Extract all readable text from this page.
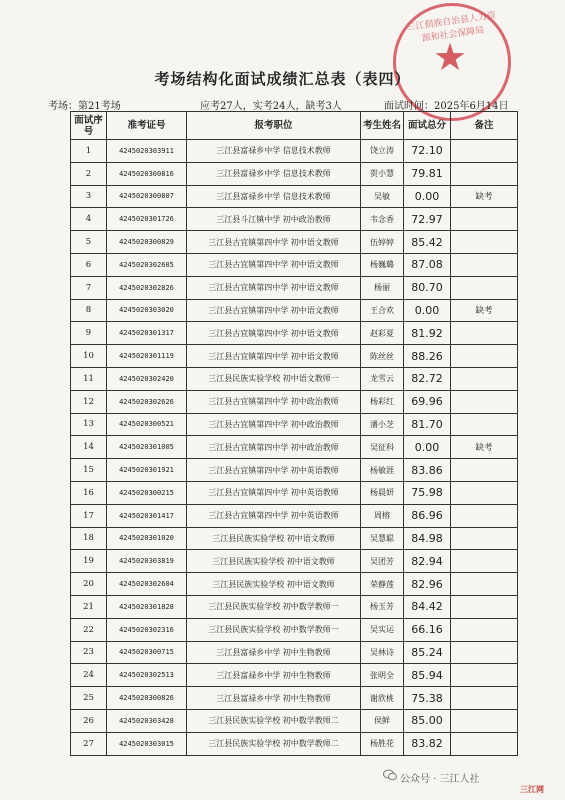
三江侗族自治县人力资源和社会保障局
★
考场结构化面试成绩汇总表（表四）
考场：第21考场	应考27人，实考24人，缺考3人	面试时间：2025年6月14日
面试序号	准考证号	报考职位	考生姓名	面试总分	备注
1	4245020303911	三江县富禄乡中学 信息技术教师	饶立涛	72.10	
2	4245020300816	三江县富禄乡中学 信息技术教师	贺小慧	79.81	
3	4245020300807	三江县富禄乡中学 信息技术教师	吴敏	0.00	缺考
4	4245020301726	三江县斗江镇中学 初中政治教师	韦念香	72.97	
5	4245020300829	三江县古宜镇第四中学 初中语文教师	伍婷婷	85.42	
6	4245020302605	三江县古宜镇第四中学 初中语文教师	杨巍璐	87.08	
7	4245020302826	三江县古宜镇第四中学 初中语文教师	杨丽	80.70	
8	4245020303020	三江县古宜镇第四中学 初中语文教师	王合欢	0.00	缺考
9	4245020301317	三江县古宜镇第四中学 初中语文教师	赵彩夏	81.92	
10	4245020301119	三江县古宜镇第四中学 初中语文教师	陈丝丝	88.26	
11	4245020302420	三江县民族实验学校 初中语文教师一	龙雪云	82.72	
12	4245020302626	三江县古宜镇第四中学 初中政治教师	杨彩红	69.96	
13	4245020300521	三江县古宜镇第四中学 初中政治教师	潘小芝	81.70	
14	4245020301005	三江县古宜镇第四中学 初中政治教师	吴征科	0.00	缺考
15	4245020301921	三江县古宜镇第四中学 初中英语教师	杨敏涯	83.86	
16	4245020300215	三江县古宜镇第四中学 初中英语教师	杨晨妍	75.98	
17	4245020301417	三江县古宜镇第四中学 初中英语教师	周榕	86.96	
18	4245020301020	三江县民族实验学校 初中语文教师	吴慧聪	84.98	
19	4245020303819	三江县民族实验学校 初中语文教师	吴团芳	82.94	
20	4245020302604	三江县民族实验学校 初中语文教师	荣静莲	82.96	
21	4245020301828	三江县民族实验学校 初中数学教师一	杨玉芳	84.42	
22	4245020302316	三江县民族实验学校 初中数学教师一	吴实运	66.16	
23	4245020300715	三江县富禄乡中学 初中生物教师	吴林诗	85.24	
24	4245020302513	三江县富禄乡中学 初中生物教师	张明全	85.94	
25	4245020300826	三江县富禄乡中学 初中生物教师	谢欣桃	75.38	
26	4245020303428	三江县民族实验学校 初中数学教师二	侯鲜	85.00	
27	4245020303015	三江县民族实验学校 初中数学教师二	杨胜花	83.82	
公众号 · 三江人社
三江网
